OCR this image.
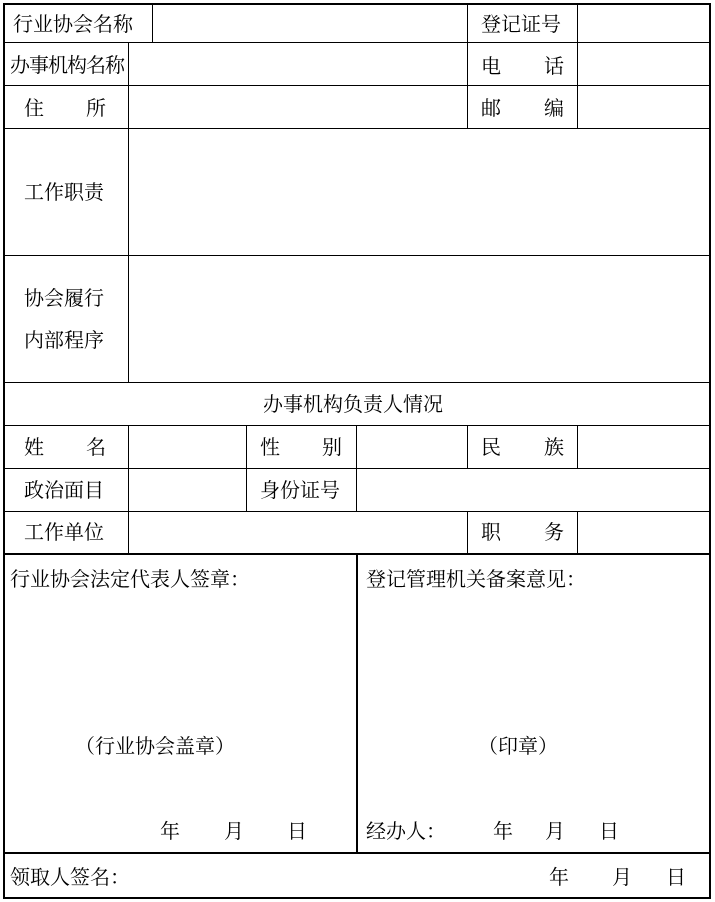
行业协会名称	登记证号
办事机构名称	电 话
住 所	邮 编
工作职责
协会履行
内部程序
办事机构负责人情况
姓 名	性 别	民 族
政治面目	身份证号
工作单位	职 务
行业协会法定代表人签章：
（行业协会盖章）
年 月 日
登记管理机关备案意见：
（印章）
经办人： 年 月 日
领取人签名：	年 月 日
